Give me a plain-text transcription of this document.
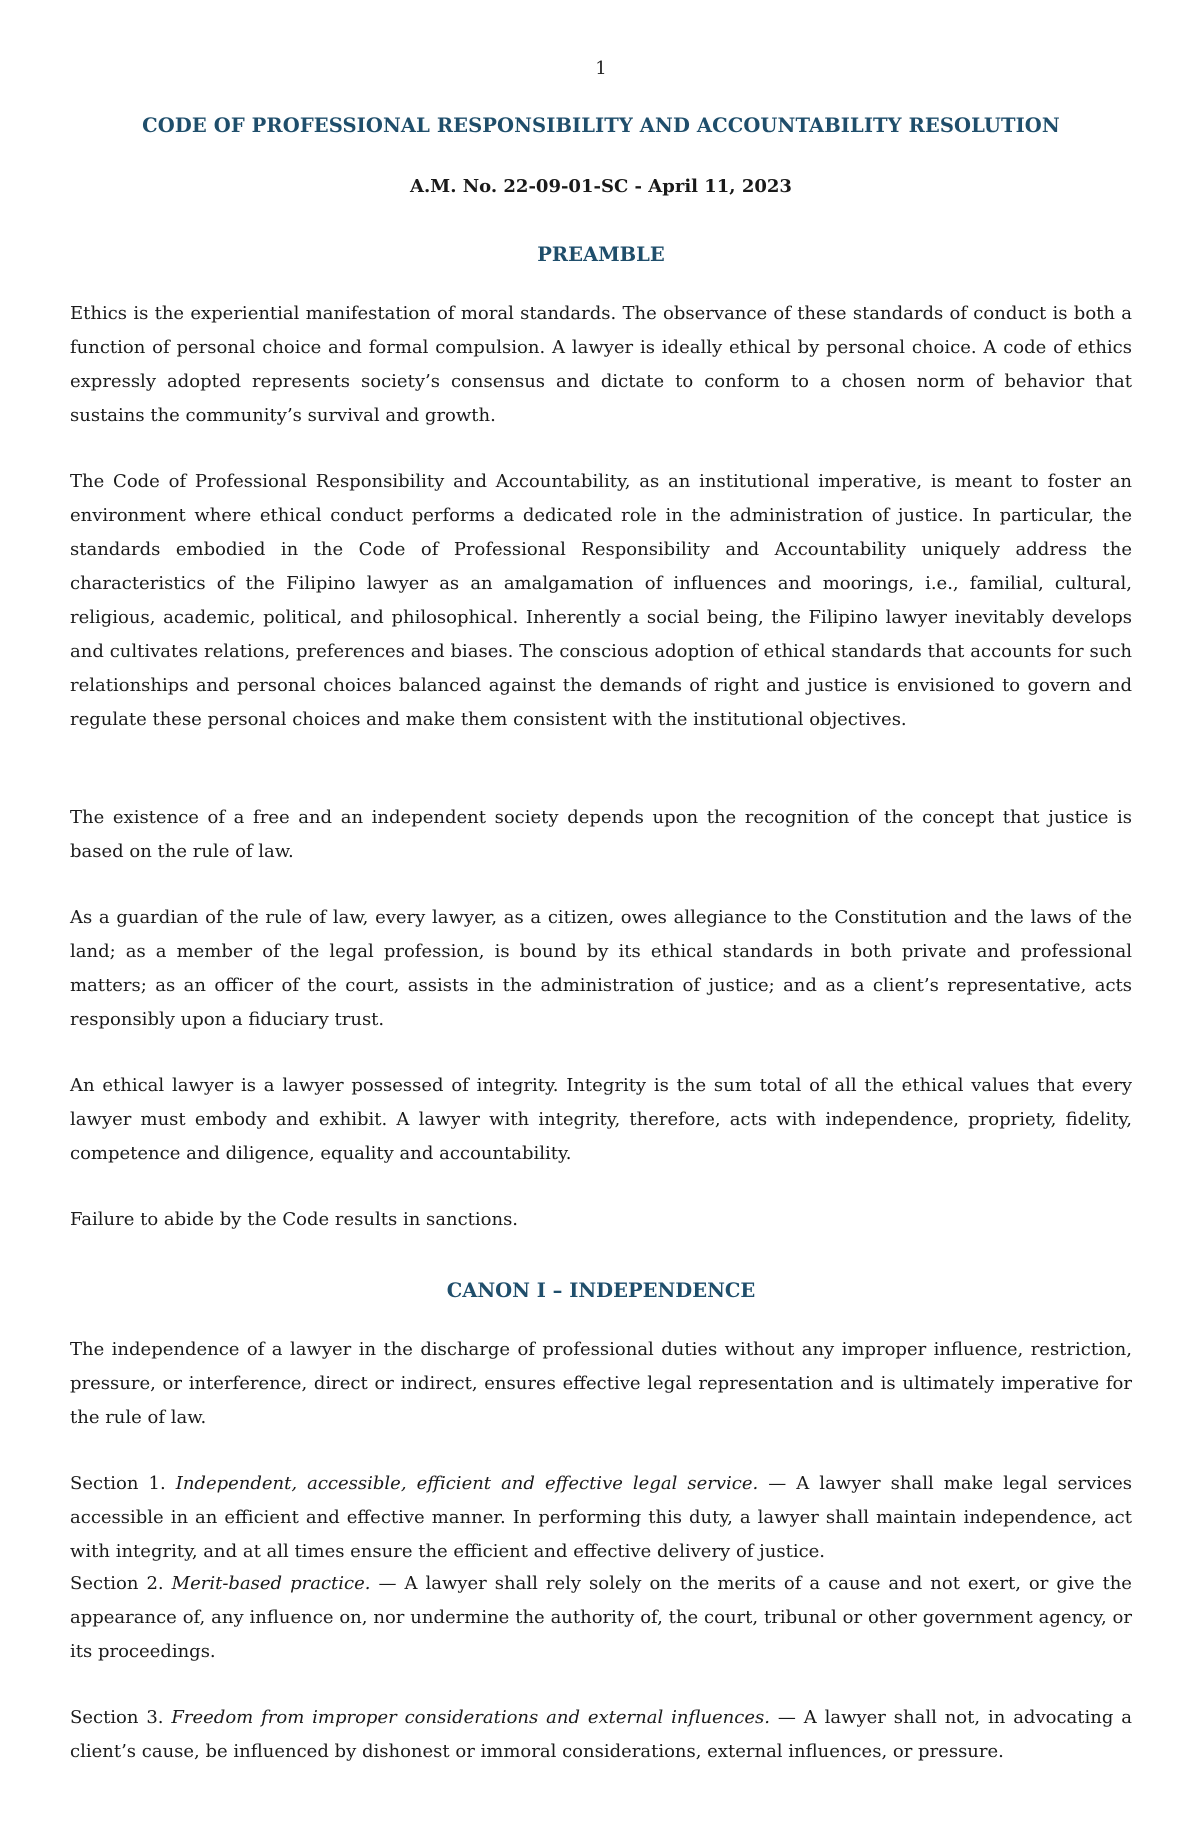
1
CODE OF PROFESSIONAL RESPONSIBILITY AND ACCOUNTABILITY RESOLUTION
A.M. No. 22-09-01-SC - April 11, 2023
PREAMBLE
Ethics is the experiential manifestation of moral standards. The observance of these standards of conduct is both a function of personal choice and formal compulsion. A lawyer is ideally ethical by personal choice. A code of ethics expressly adopted represents society’s consensus and dictate to conform to a chosen norm of behavior that sustains the community’s survival and growth.
The Code of Professional Responsibility and Accountability, as an institutional imperative, is meant to foster an environment where ethical conduct performs a dedicated role in the administration of justice. In particular, the standards embodied in the Code of Professional Responsibility and Accountability uniquely address the characteristics of the Filipino lawyer as an amalgamation of influences and moorings, i.e., familial, cultural, religious, academic, political, and philosophical. Inherently a social being, the Filipino lawyer inevitably develops and cultivates relations, preferences and biases. The conscious adoption of ethical standards that accounts for such relationships and personal choices balanced against the demands of right and justice is envisioned to govern and regulate these personal choices and make them consistent with the institutional objectives.
The existence of a free and an independent society depends upon the recognition of the concept that justice is based on the rule of law.
As a guardian of the rule of law, every lawyer, as a citizen, owes allegiance to the Constitution and the laws of the land; as a member of the legal profession, is bound by its ethical standards in both private and professional matters; as an officer of the court, assists in the administration of justice; and as a client’s representative, acts responsibly upon a fiduciary trust.
An ethical lawyer is a lawyer possessed of integrity. Integrity is the sum total of all the ethical values that every lawyer must embody and exhibit. A lawyer with integrity, therefore, acts with independence, propriety, fidelity, competence and diligence, equality and accountability.
Failure to abide by the Code results in sanctions.
CANON I – INDEPENDENCE
The independence of a lawyer in the discharge of professional duties without any improper influence, restriction, pressure, or interference, direct or indirect, ensures effective legal representation and is ultimately imperative for the rule of law.
Section 1. Independent, accessible, efficient and effective legal service. — A lawyer shall make legal services accessible in an efficient and effective manner. In performing this duty, a lawyer shall maintain independence, act with integrity, and at all times ensure the efficient and effective delivery of justice.
Section 2. Merit-based practice. — A lawyer shall rely solely on the merits of a cause and not exert, or give the appearance of, any influence on, nor undermine the authority of, the court, tribunal or other government agency, or its proceedings.
Section 3. Freedom from improper considerations and external influences. — A lawyer shall not, in advocating a client’s cause, be influenced by dishonest or immoral considerations, external influences, or pressure.
